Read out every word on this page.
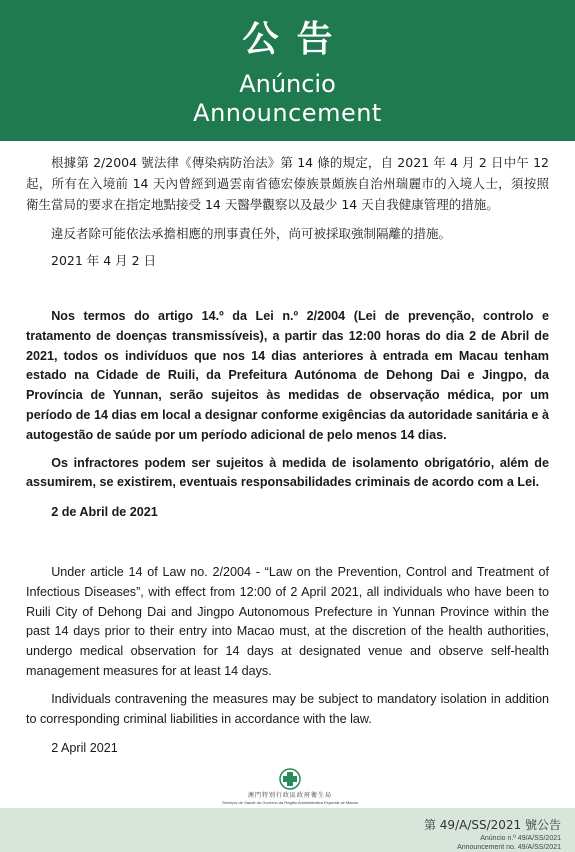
公告
Anúncio
Announcement

根據第 2/2004 號法律《傳染病防治法》第 14 條的規定，自 2021 年 4 月 2 日中午 12 起，所有在入境前 14 天內曾經到過雲南省德宏傣族景頗族自治州瑞麗市的入境人士，須按照衛生當局的要求在指定地點接受 14 天醫學觀察以及最少 14 天自我健康管理的措施。

違反者除可能依法承擔相應的刑事責任外，尚可被採取強制隔離的措施。

2021 年 4 月 2 日

Nos termos do artigo 14.º da Lei n.º 2/2004 (Lei de prevenção, controlo e tratamento de doenças transmissíveis), a partir das 12:00 horas do dia 2 de Abril de 2021, todos os indivíduos que nos 14 dias anteriores à entrada em Macau tenham estado na Cidade de Ruili, da Prefeitura Autónoma de Dehong Dai e Jingpo, da Província de Yunnan, serão sujeitos às medidas de observação médica, por um período de 14 dias em local a designar conforme exigências da autoridade sanitária e à autogestão de saúde por um período adicional de pelo menos 14 dias.

Os infractores podem ser sujeitos à medida de isolamento obrigatório, além de assumirem, se existirem, eventuais responsabilidades criminais de acordo com a Lei.

2 de Abril de 2021

Under article 14 of Law no. 2/2004 - “Law on the Prevention, Control and Treatment of Infectious Diseases”, with effect from 12:00 of 2 April 2021, all individuals who have been to Ruili City of Dehong Dai and Jingpo Autonomous Prefecture in Yunnan Province within the past 14 days prior to their entry into Macao must, at the discretion of the health authorities, undergo medical observation for 14 days at designated venue and observe self-health management measures for at least 14 days.

Individuals contravening the measures may be subject to mandatory isolation in addition to corresponding criminal liabilities in accordance with the law.

2 April 2021

澳門特別行政區政府衛生局
Serviços de Saúde do Governo da Região Administrativa Especial de Macau
第 49/A/SS/2021 號公告
Anúncio n.º 49/A/SS/2021
Announcement no. 49/A/SS/2021
